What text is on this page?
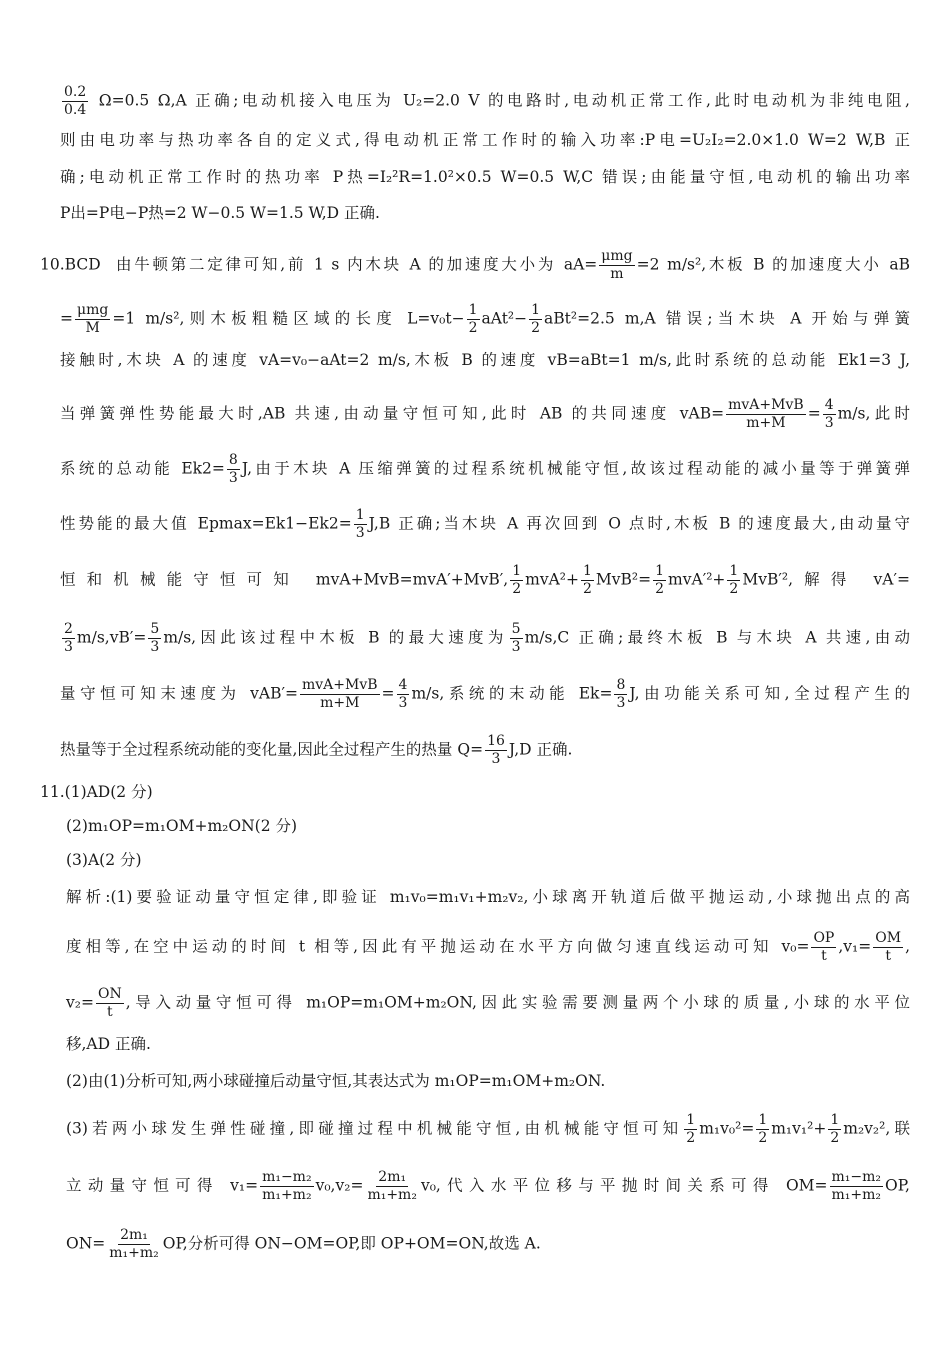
$\frac{0.2}{0.4} \Omega=0.5$ Ω,A 正确;电动机接入电压为 U₂=2.0 V 的电路时,电动机正常工作,此时电动机为非纯电阻,
则由电功率与热功率各自的定义式,得电动机正常工作时的输入功率:P电=U₂I₂=2.0×1.0 W=2 W,B 正
确;电动机正常工作时的热功率 P热=I₂²R=1.0²×0.5 W=0.5 W,C 错误;由能量守恒,电动机的输出功率
P出=P电−P热=2 W−0.5 W=1.5 W,D 正确.
10.BCD 由牛顿第二定律可知,前 1 s 内木块 A 的加速度大小为 $aA= \frac{\text{μmg}}{m} =2$ m/s²,木板 B 的加速度大小 aB
= $\frac{\text{μmg}}{M} =1$ m/s²,则木板粗糙区域的长度 $L=v_0t- \frac{1}{2} aAt^2- \frac{1}{2} aBt^2=2.5$ m,A 错误;当木块 A 开始与弹簧
接触时,木块 A 的速度 vA=v₀−aAt=2 m/s,木板 B 的速度 vB=aBt=1 m/s,此时系统的总动能 Ek1=3 J,
当弹簧弹性势能最大时,AB 共速,由动量守恒可知,此时 AB 的共同速度 $vAB= \frac{\text{mvA+MvB}}{m+M} = \frac{4}{3} m/s$,此时
系统的总动能 $Ek2= \frac{8}{3} J$,由于木块 A 压缩弹簧的过程系统机械能守恒,故该过程动能的减小量等于弹簧弹
性势能的最大值 $Epmax=Ek1-Ek2= \frac{1}{3} J,B$ 正确;当木块 A 再次回到 O 点时,木板 B 的速度最大,由动量守
恒和机械能守恒可知 mvA+MvB=mvA′+MvB′, $\frac{1}{2} mvA^2+ \frac{1}{2} MvB^2= \frac{1}{2} mvA'^2+ \frac{1}{2} MvB'^2$,解得 vA′=
$\frac{2}{3} m/s,vB'= \frac{5}{3} m/s$,因此该过程中木板 B 的最大速度为 $\frac{5}{3} m/s,C$ 正确;最终木板 B 与木块 A 共速,由动
量守恒可知末速度为 $vAB'= \frac{\text{mvA+MvB}}{m+M} = \frac{4}{3} m/s$,系统的末动能 $Ek= \frac{8}{3} J$,由功能关系可知,全过程产生的
热量等于全过程系统动能的变化量,因此全过程产生的热量 $Q= \frac{16}{3} J,D$ 正确.
11.(1)AD(2 分)
(2)m₁OP=m₁OM+m₂ON(2 分)
(3)A(2 分)
解析:(1)要验证动量守恒定律,即验证 m₁v₀=m₁v₁+m₂v₂,小球离开轨道后做平抛运动,小球抛出点的高
度相等,在空中运动的时间 t 相等,因此有平抛运动在水平方向做匀速直线运动可知 $v_0= \frac{OP}{t} ,v_1= \frac{OM}{t}$ ,
$v_2= \frac{ON}{t}$ ,导入动量守恒可得 m₁OP=m₁OM+m₂ON,因此实验需要测量两个小球的质量,小球的水平位
移,AD 正确.
(2)由(1)分析可知,两小球碰撞后动量守恒,其表达式为 m₁OP=m₁OM+m₂ON.
(3)若两小球发生弹性碰撞,即碰撞过程中机械能守恒,由机械能守恒可知 $\frac{1}{2} m_1v_0^2= \frac{1}{2} m_1v_1^2+ \frac{1}{2} m_2v_2^2$,联
立动量守恒可得 $v_1= \frac{\text{m₁−m₂}}{\text{m₁+m₂}} v_0,v_2= \frac{\text{2m₁}}{\text{m₁+m₂}} v_0$,代入水平位移与平抛时间关系可得 $OM= \frac{\text{m₁−m₂}}{\text{m₁+m₂}}$ OP,
$ON= \frac{\text{2m₁}}{\text{m₁+m₂}}$ OP,分析可得 ON−OM=OP,即 OP+OM=ON,故选 A.
